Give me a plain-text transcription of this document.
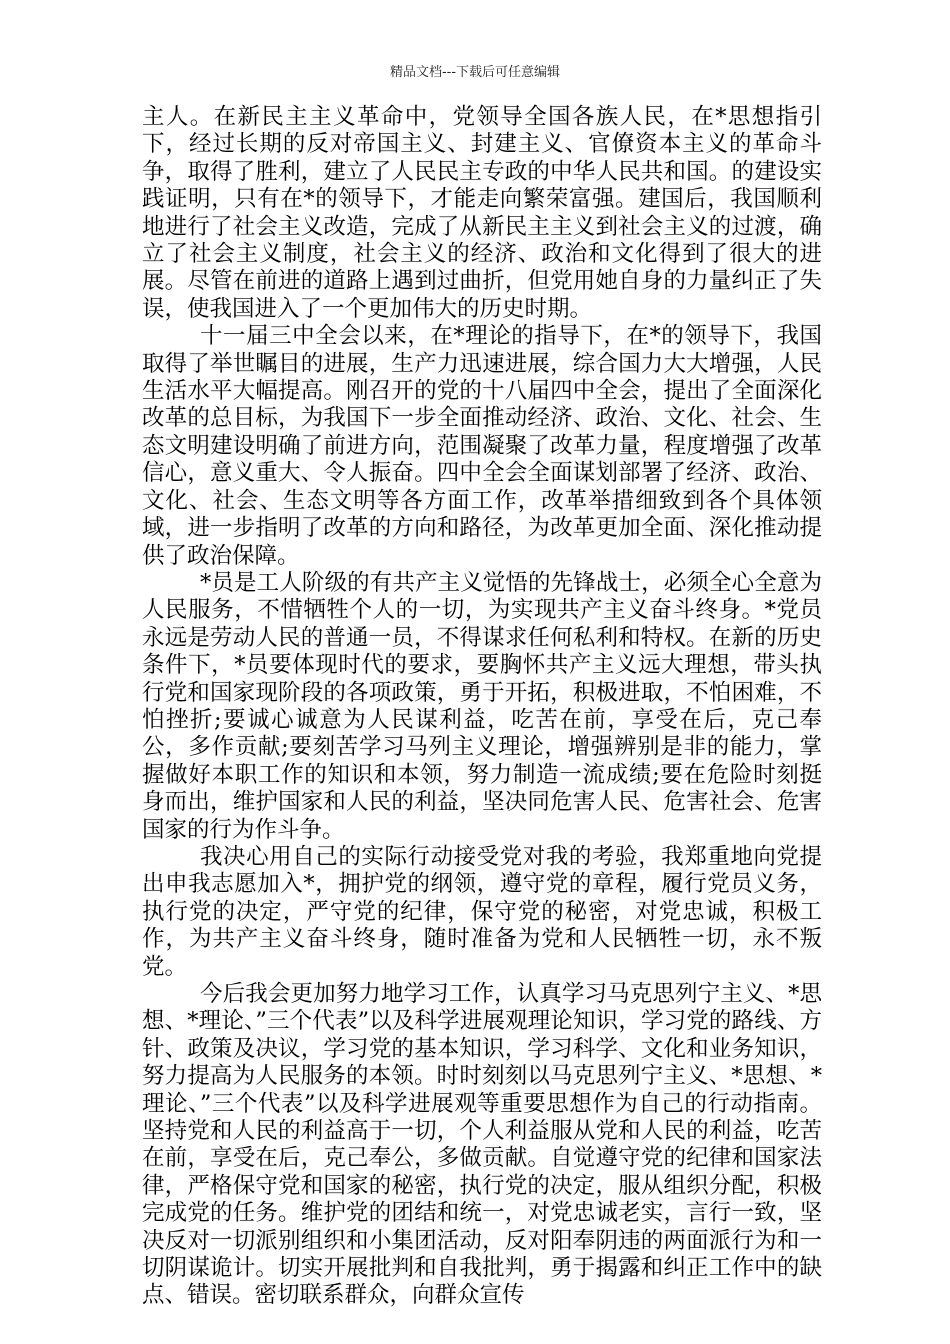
精品文档---下载后可任意编辑

主人。在新民主主义革命中，党领导全国各族人民，在*思想指引下，经过长期的反对帝国主义、封建主义、官僚资本主义的革命斗争，取得了胜利，建立了人民民主专政的中华人民共和国。的建设实践证明，只有在*的领导下，才能走向繁荣富强。建国后，我国顺利地进行了社会主义改造，完成了从新民主主义到社会主义的过渡，确立了社会主义制度，社会主义的经济、政治和文化得到了很大的进展。尽管在前进的道路上遇到过曲折，但党用她自身的力量纠正了失误，使我国进入了一个更加伟大的历史时期。

十一届三中全会以来，在*理论的指导下，在*的领导下，我国取得了举世瞩目的进展，生产力迅速进展，综合国力大大增强，人民生活水平大幅提高。刚召开的党的十八届四中全会，提出了全面深化改革的总目标，为我国下一步全面推动经济、政治、文化、社会、生态文明建设明确了前进方向，范围凝聚了改革力量，程度增强了改革信心，意义重大、令人振奋。四中全会全面谋划部署了经济、政治、文化、社会、生态文明等各方面工作，改革举措细致到各个具体领域，进一步指明了改革的方向和路径，为改革更加全面、深化推动提供了政治保障。

*员是工人阶级的有共产主义觉悟的先锋战士，必须全心全意为人民服务，不惜牺牲个人的一切，为实现共产主义奋斗终身。*党员永远是劳动人民的普通一员，不得谋求任何私利和特权。在新的历史条件下，*员要体现时代的要求，要胸怀共产主义远大理想，带头执行党和国家现阶段的各项政策，勇于开拓，积极进取，不怕困难，不怕挫折;要诚心诚意为人民谋利益，吃苦在前，享受在后，克己奉公，多作贡献;要刻苦学习马列主义理论，增强辨别是非的能力，掌握做好本职工作的知识和本领，努力制造一流成绩;要在危险时刻挺身而出，维护国家和人民的利益，坚决同危害人民、危害社会、危害国家的行为作斗争。

我决心用自己的实际行动接受党对我的考验，我郑重地向党提出申我志愿加入*，拥护党的纲领，遵守党的章程，履行党员义务，执行党的决定，严守党的纪律，保守党的秘密，对党忠诚，积极工作，为共产主义奋斗终身，随时准备为党和人民牺牲一切，永不叛党。

今后我会更加努力地学习工作，认真学习马克思列宁主义、*思想、*理论、”三个代表”以及科学进展观理论知识，学习党的路线、方针、政策及决议，学习党的基本知识，学习科学、文化和业务知识，努力提高为人民服务的本领。时时刻刻以马克思列宁主义、*思想、*理论、”三个代表”以及科学进展观等重要思想作为自己的行动指南。坚持党和人民的利益高于一切，个人利益服从党和人民的利益，吃苦在前，享受在后，克己奉公，多做贡献。自觉遵守党的纪律和国家法律，严格保守党和国家的秘密，执行党的决定，服从组织分配，积极完成党的任务。维护党的团结和统一，对党忠诚老实，言行一致，坚决反对一切派别组织和小集团活动，反对阳奉阴违的两面派行为和一切阴谋诡计。切实开展批判和自我批判，勇于揭露和纠正工作中的缺点、错误。密切联系群众，向群众宣传
